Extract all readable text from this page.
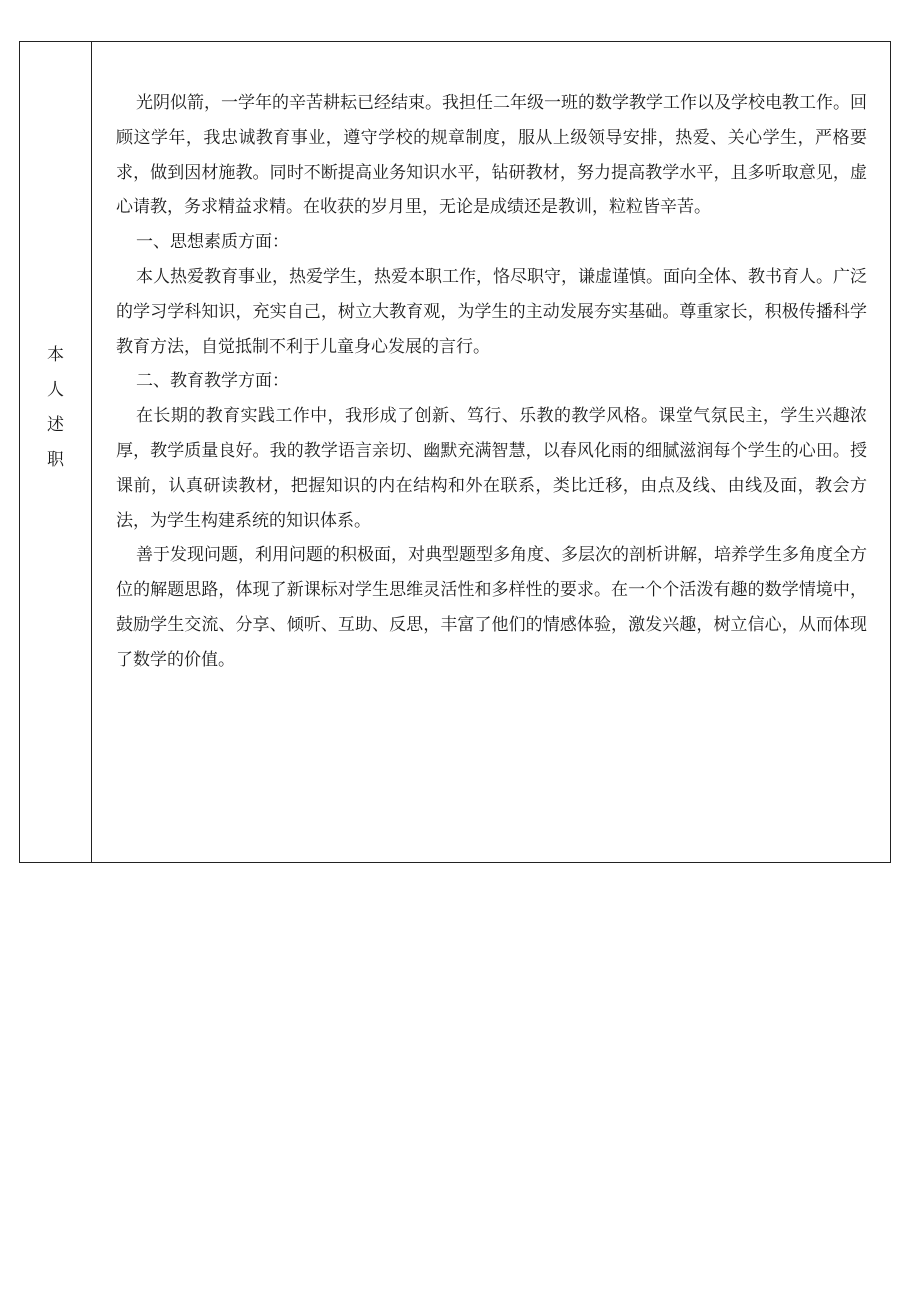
本
人
述
职

光阴似箭，一学年的辛苦耕耘已经结束。我担任二年级一班的数学教学工作以及学校电教工作。回顾这学年，我忠诚教育事业，遵守学校的规章制度，服从上级领导安排，热爱、关心学生，严格要求，做到因材施教。同时不断提高业务知识水平，钻研教材，努力提高教学水平，且多听取意见，虚心请教，务求精益求精。在收获的岁月里，无论是成绩还是教训，粒粒皆辛苦。

一、思想素质方面：

本人热爱教育事业，热爱学生，热爱本职工作，恪尽职守，谦虚谨慎。面向全体、教书育人。广泛的学习学科知识，充实自己，树立大教育观，为学生的主动发展夯实基础。尊重家长，积极传播科学教育方法，自觉抵制不利于儿童身心发展的言行。

二、教育教学方面：

在长期的教育实践工作中，我形成了创新、笃行、乐教的教学风格。课堂气氛民主，学生兴趣浓厚，教学质量良好。我的教学语言亲切、幽默充满智慧，以春风化雨的细腻滋润每个学生的心田。授课前，认真研读教材，把握知识的内在结构和外在联系，类比迁移，由点及线、由线及面，教会方法，为学生构建系统的知识体系。

善于发现问题，利用问题的积极面，对典型题型多角度、多层次的剖析讲解，培养学生多角度全方位的解题思路，体现了新课标对学生思维灵活性和多样性的要求。在一个个活泼有趣的数学情境中，鼓励学生交流、分享、倾听、互助、反思，丰富了他们的情感体验，激发兴趣，树立信心，从而体现了数学的价值。
